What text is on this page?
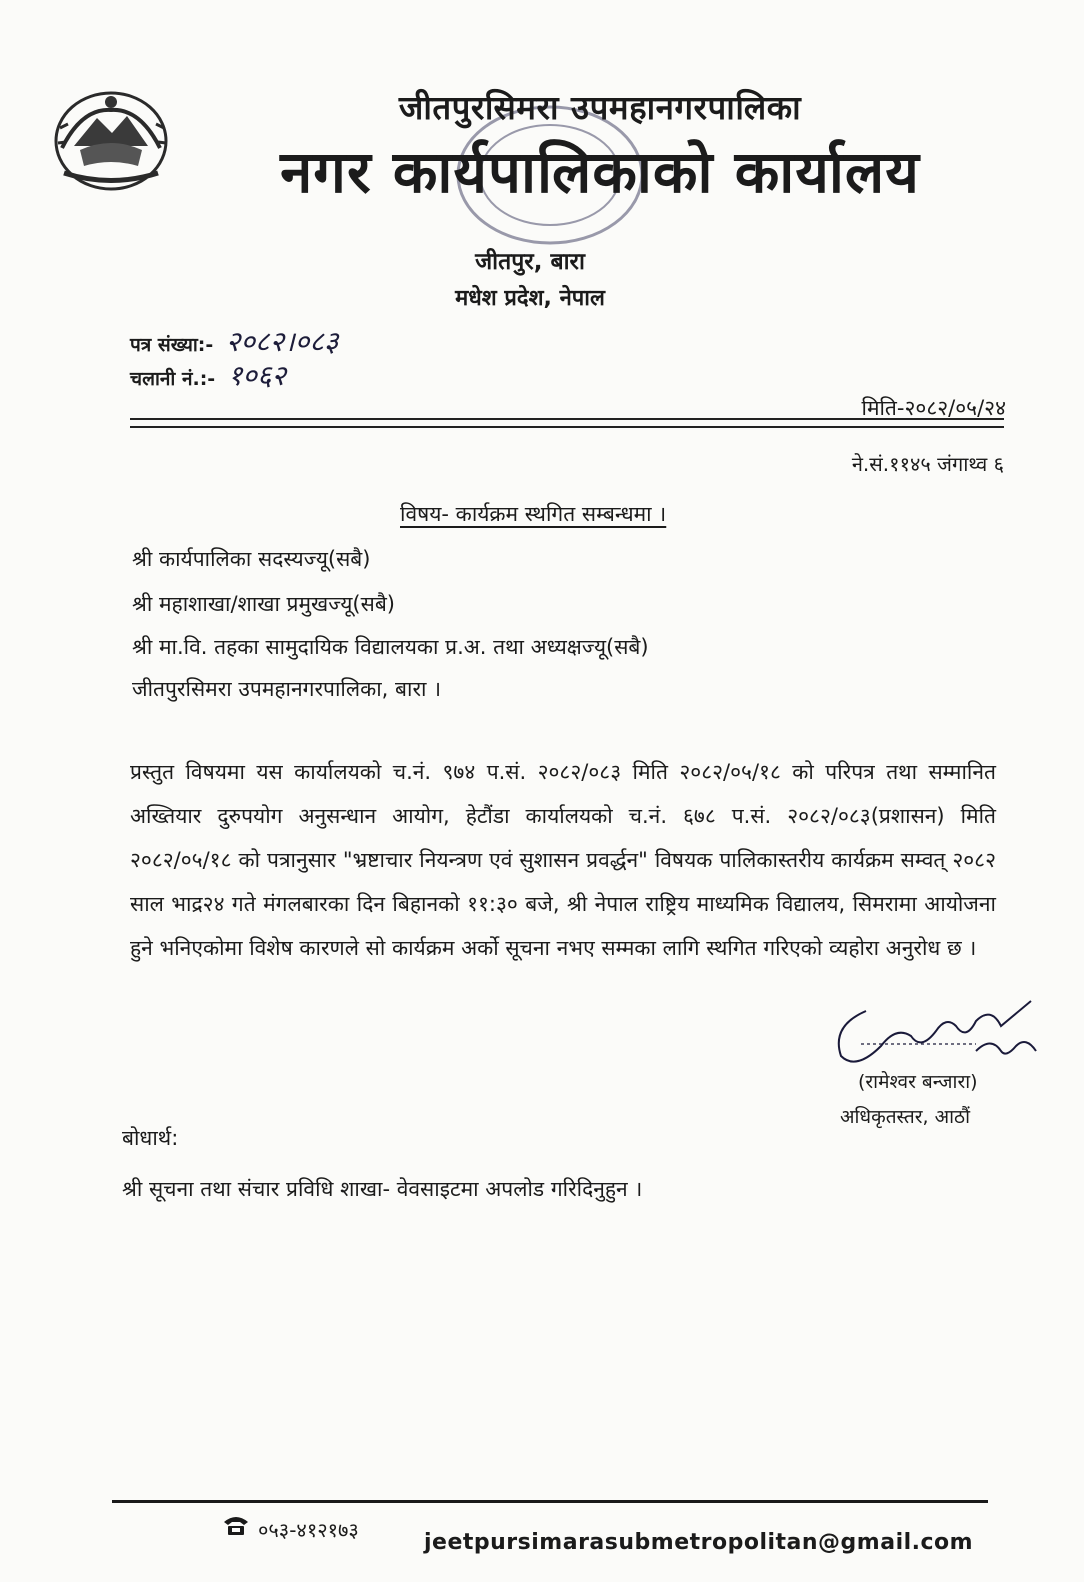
जीतपुरसिमरा उपमहानगरपालिका
नगर कार्यपालिकाको कार्यालय
जीतपुर, बारा
मधेश प्रदेश, नेपाल
पत्र संख्या:- २०८२।०८३
चलानी नं.:- १०६२
मिति-२०८२/०५/२४
ने.सं.११४५ जंगाथ्व ६
विषय- कार्यक्रम स्थगित सम्बन्धमा ।
श्री कार्यपालिका सदस्यज्यू(सबै)
श्री महाशाखा/शाखा प्रमुखज्यू(सबै)
श्री मा.वि. तहका सामुदायिक विद्यालयका प्र.अ. तथा अध्यक्षज्यू(सबै)
जीतपुरसिमरा उपमहानगरपालिका, बारा ।
प्रस्तुत विषयमा यस कार्यालयको च.नं. ९७४ प.सं. २०८२/०८३ मिति २०८२/०५/१८ को परिपत्र तथा सम्मानित अख्तियार दुरुपयोग अनुसन्धान आयोग, हेटौंडा कार्यालयको च.नं. ६७८ प.सं. २०८२/०८३(प्रशासन) मिति २०८२/०५/१८ को पत्रानुसार "भ्रष्टाचार नियन्त्रण एवं सुशासन प्रवर्द्धन" विषयक पालिकास्तरीय कार्यक्रम सम्वत् २०८२ साल भाद्र२४ गते मंगलबारका दिन बिहानको ११:३० बजे, श्री नेपाल राष्ट्रिय माध्यमिक विद्यालय, सिमरामा आयोजना हुने भनिएकोमा विशेष कारणले सो कार्यक्रम अर्को सूचना नभए सम्मका लागि स्थगित गरिएको व्यहोरा अनुरोध छ ।
(रामेश्वर बन्जारा)
अधिकृतस्तर, आठौं
बोधार्थ:
श्री सूचना तथा संचार प्रविधि शाखा- वेवसाइटमा अपलोड गरिदिनुहुन ।
०५३-४१२१७३	jeetpursimarasubmetropolitan@gmail.com
